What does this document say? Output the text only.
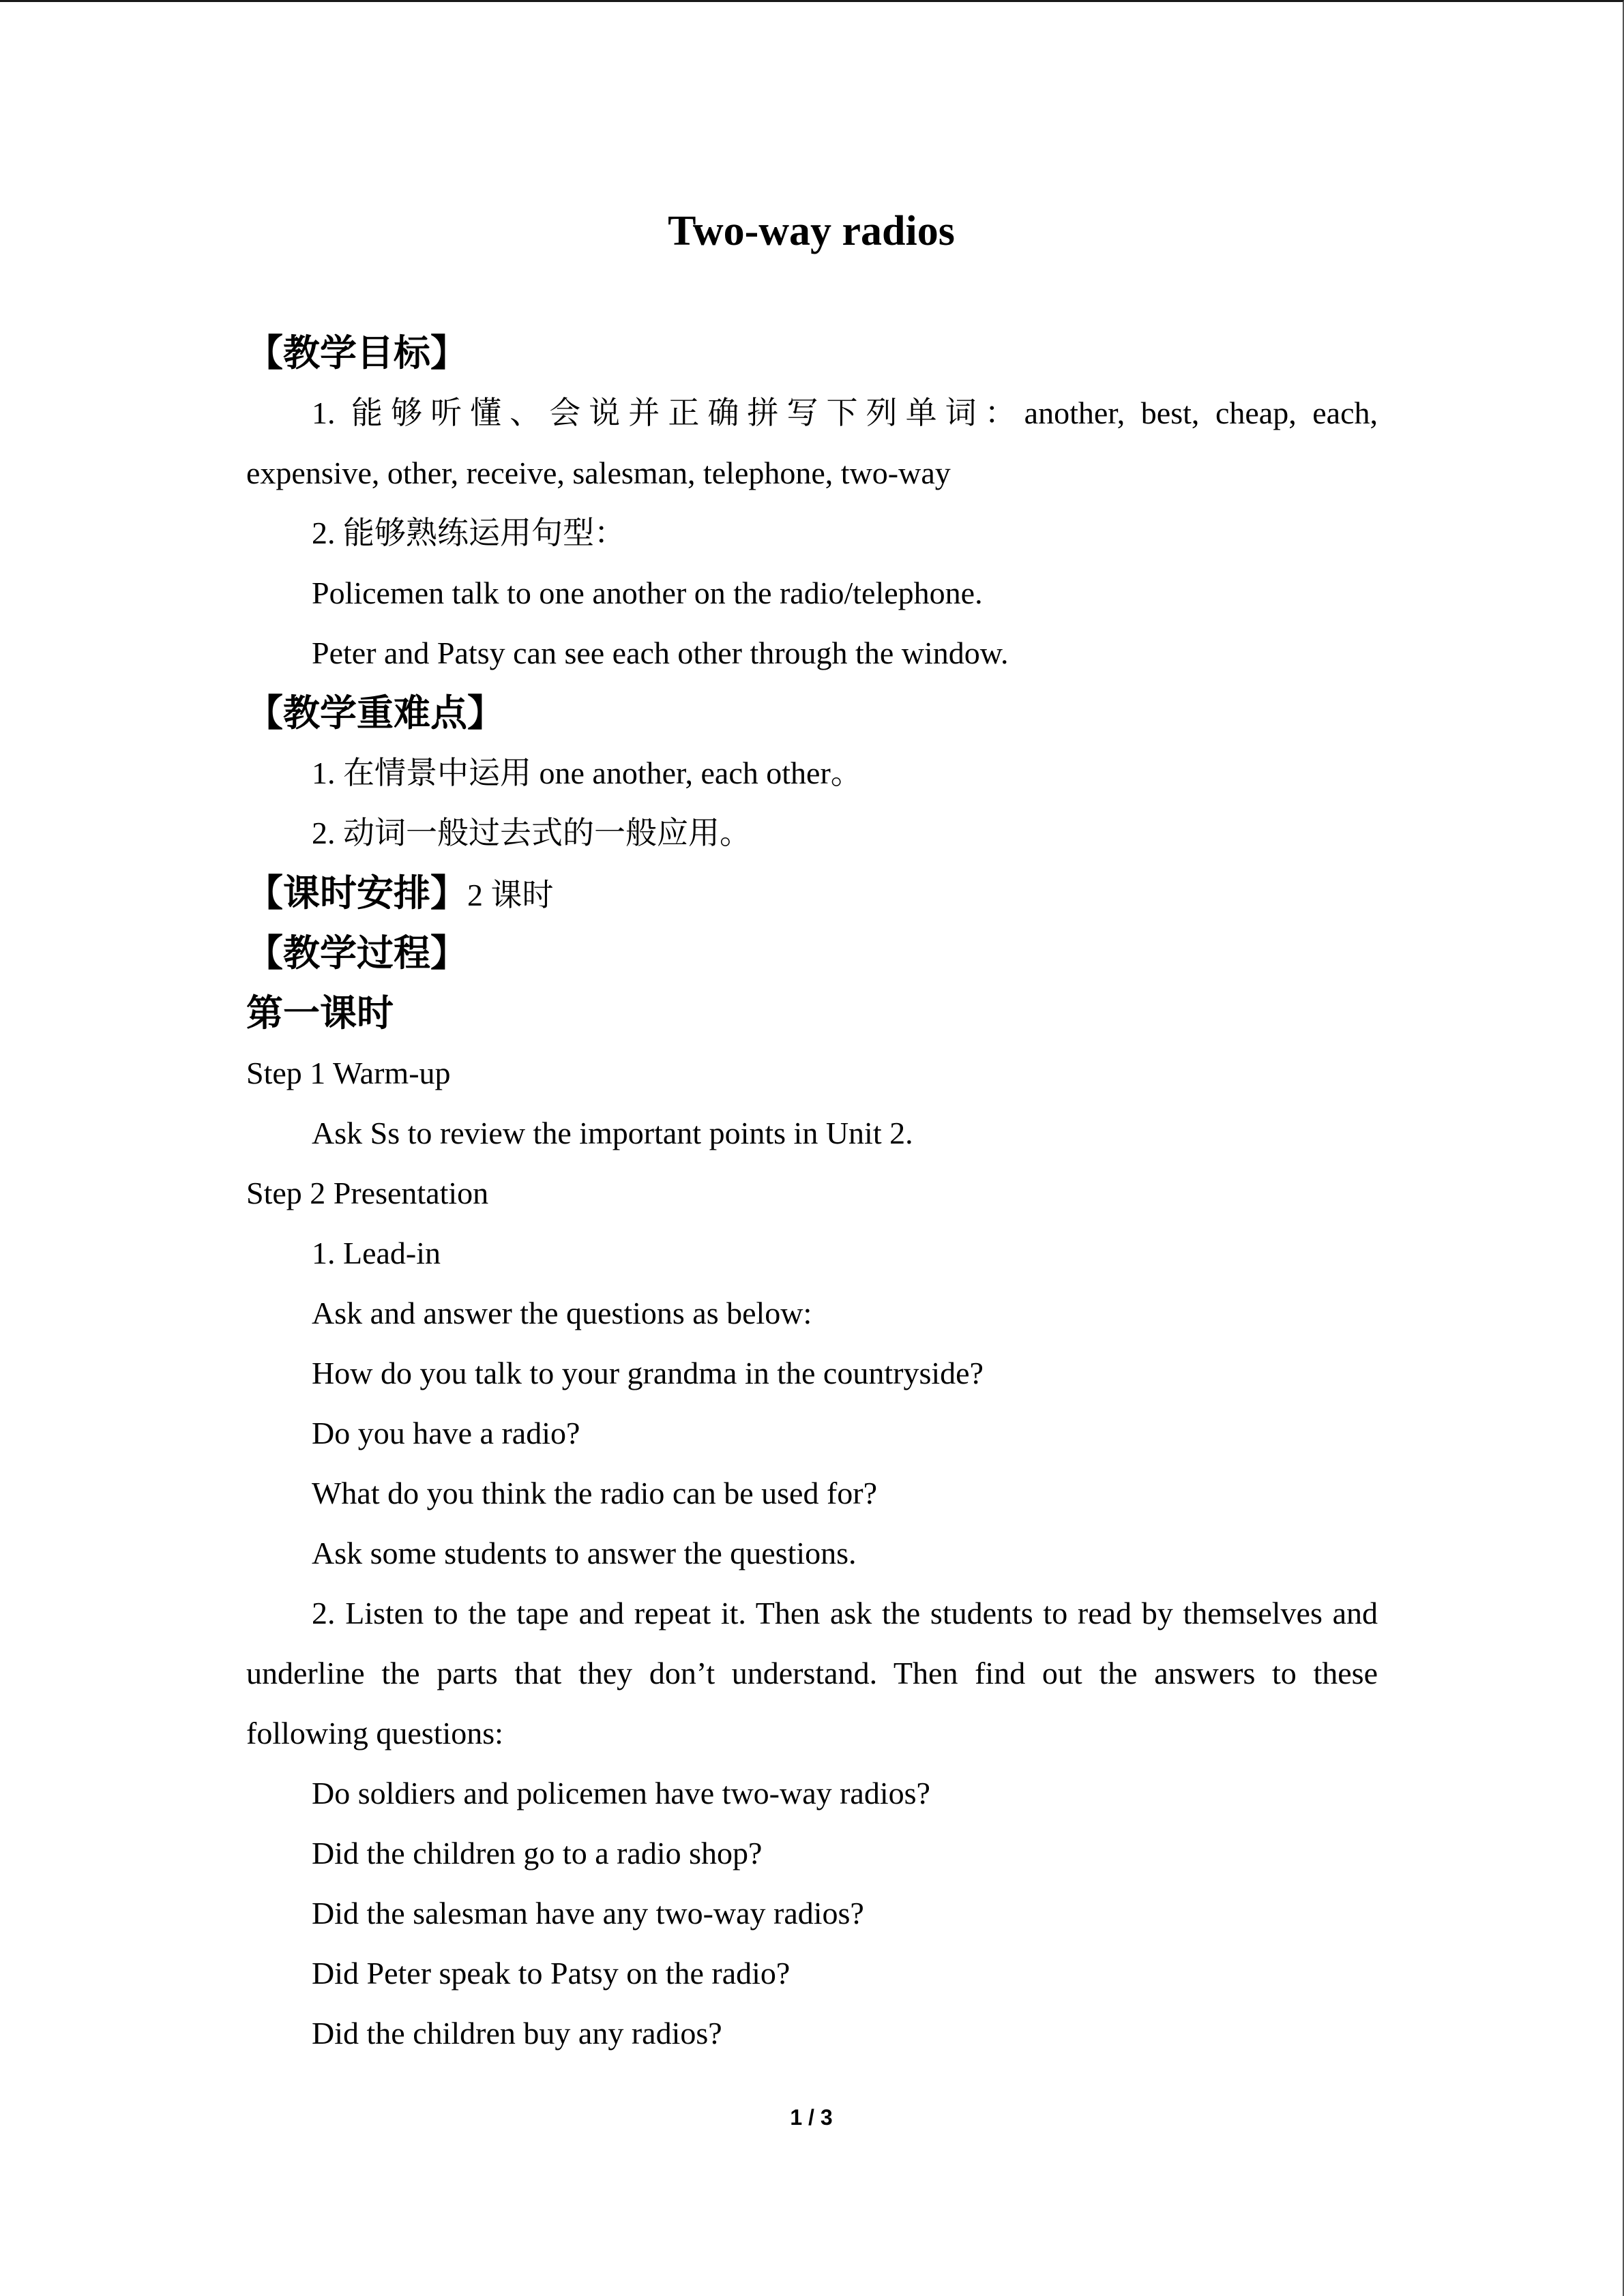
Two-way radios
【教学目标】
1. 能够听懂、会说并正确拼写下列单词：another, best, cheap, each,
expensive, other, receive, salesman, telephone, two-way
2. 能够熟练运用句型：
Policemen talk to one another on the radio/telephone.
Peter and Patsy can see each other through the window.
【教学重难点】
1. 在情景中运用 one another, each other。
2. 动词一般过去式的一般应用。
【课时安排】2 课时
【教学过程】
第一课时
Step 1 Warm-up
Ask Ss to review the important points in Unit 2.
Step 2 Presentation
1. Lead-in
Ask and answer the questions as below:
How do you talk to your grandma in the countryside?
Do you have a radio?
What do you think the radio can be used for?
Ask some students to answer the questions.
2. Listen to the tape and repeat it. Then ask the students to read by themselves and
underline the parts that they don’t understand. Then find out the answers to these
following questions:
Do soldiers and policemen have two-way radios?
Did the children go to a radio shop?
Did the salesman have any two-way radios?
Did Peter speak to Patsy on the radio?
Did the children buy any radios?
1 / 3
